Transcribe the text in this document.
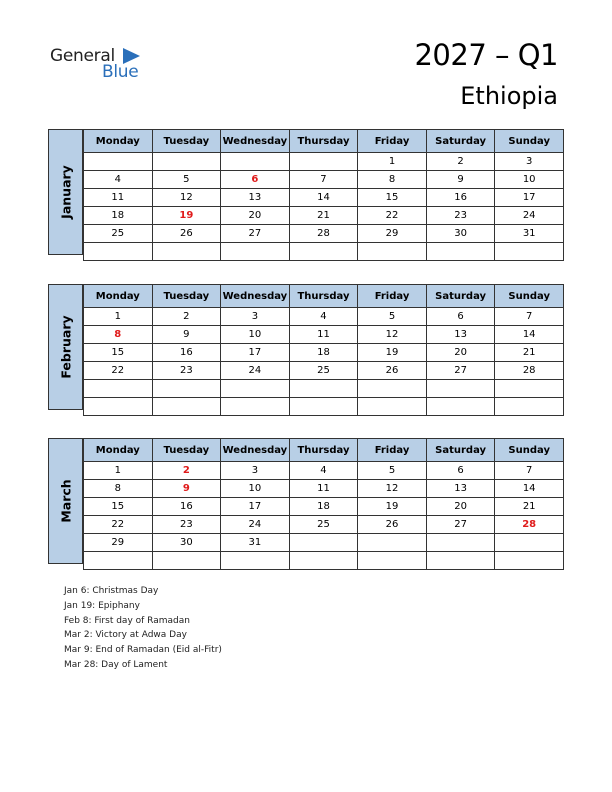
General
Blue	2027 – Q1
Ethiopia
January
Monday	Tuesday	Wednesday	Thursday	Friday	Saturday	Sunday
				1	2	3
4	5	6	7	8	9	10
11	12	13	14	15	16	17
18	19	20	21	22	23	24
25	26	27	28	29	30	31

February
Monday	Tuesday	Wednesday	Thursday	Friday	Saturday	Sunday
1	2	3	4	5	6	7
8	9	10	11	12	13	14
15	16	17	18	19	20	21
22	23	24	25	26	27	28

March
Monday	Tuesday	Wednesday	Thursday	Friday	Saturday	Sunday
1	2	3	4	5	6	7
8	9	10	11	12	13	14
15	16	17	18	19	20	21
22	23	24	25	26	27	28
29	30	31				

Jan 6: Christmas Day
Jan 19: Epiphany
Feb 8: First day of Ramadan
Mar 2: Victory at Adwa Day
Mar 9: End of Ramadan (Eid al-Fitr)
Mar 28: Day of Lament
